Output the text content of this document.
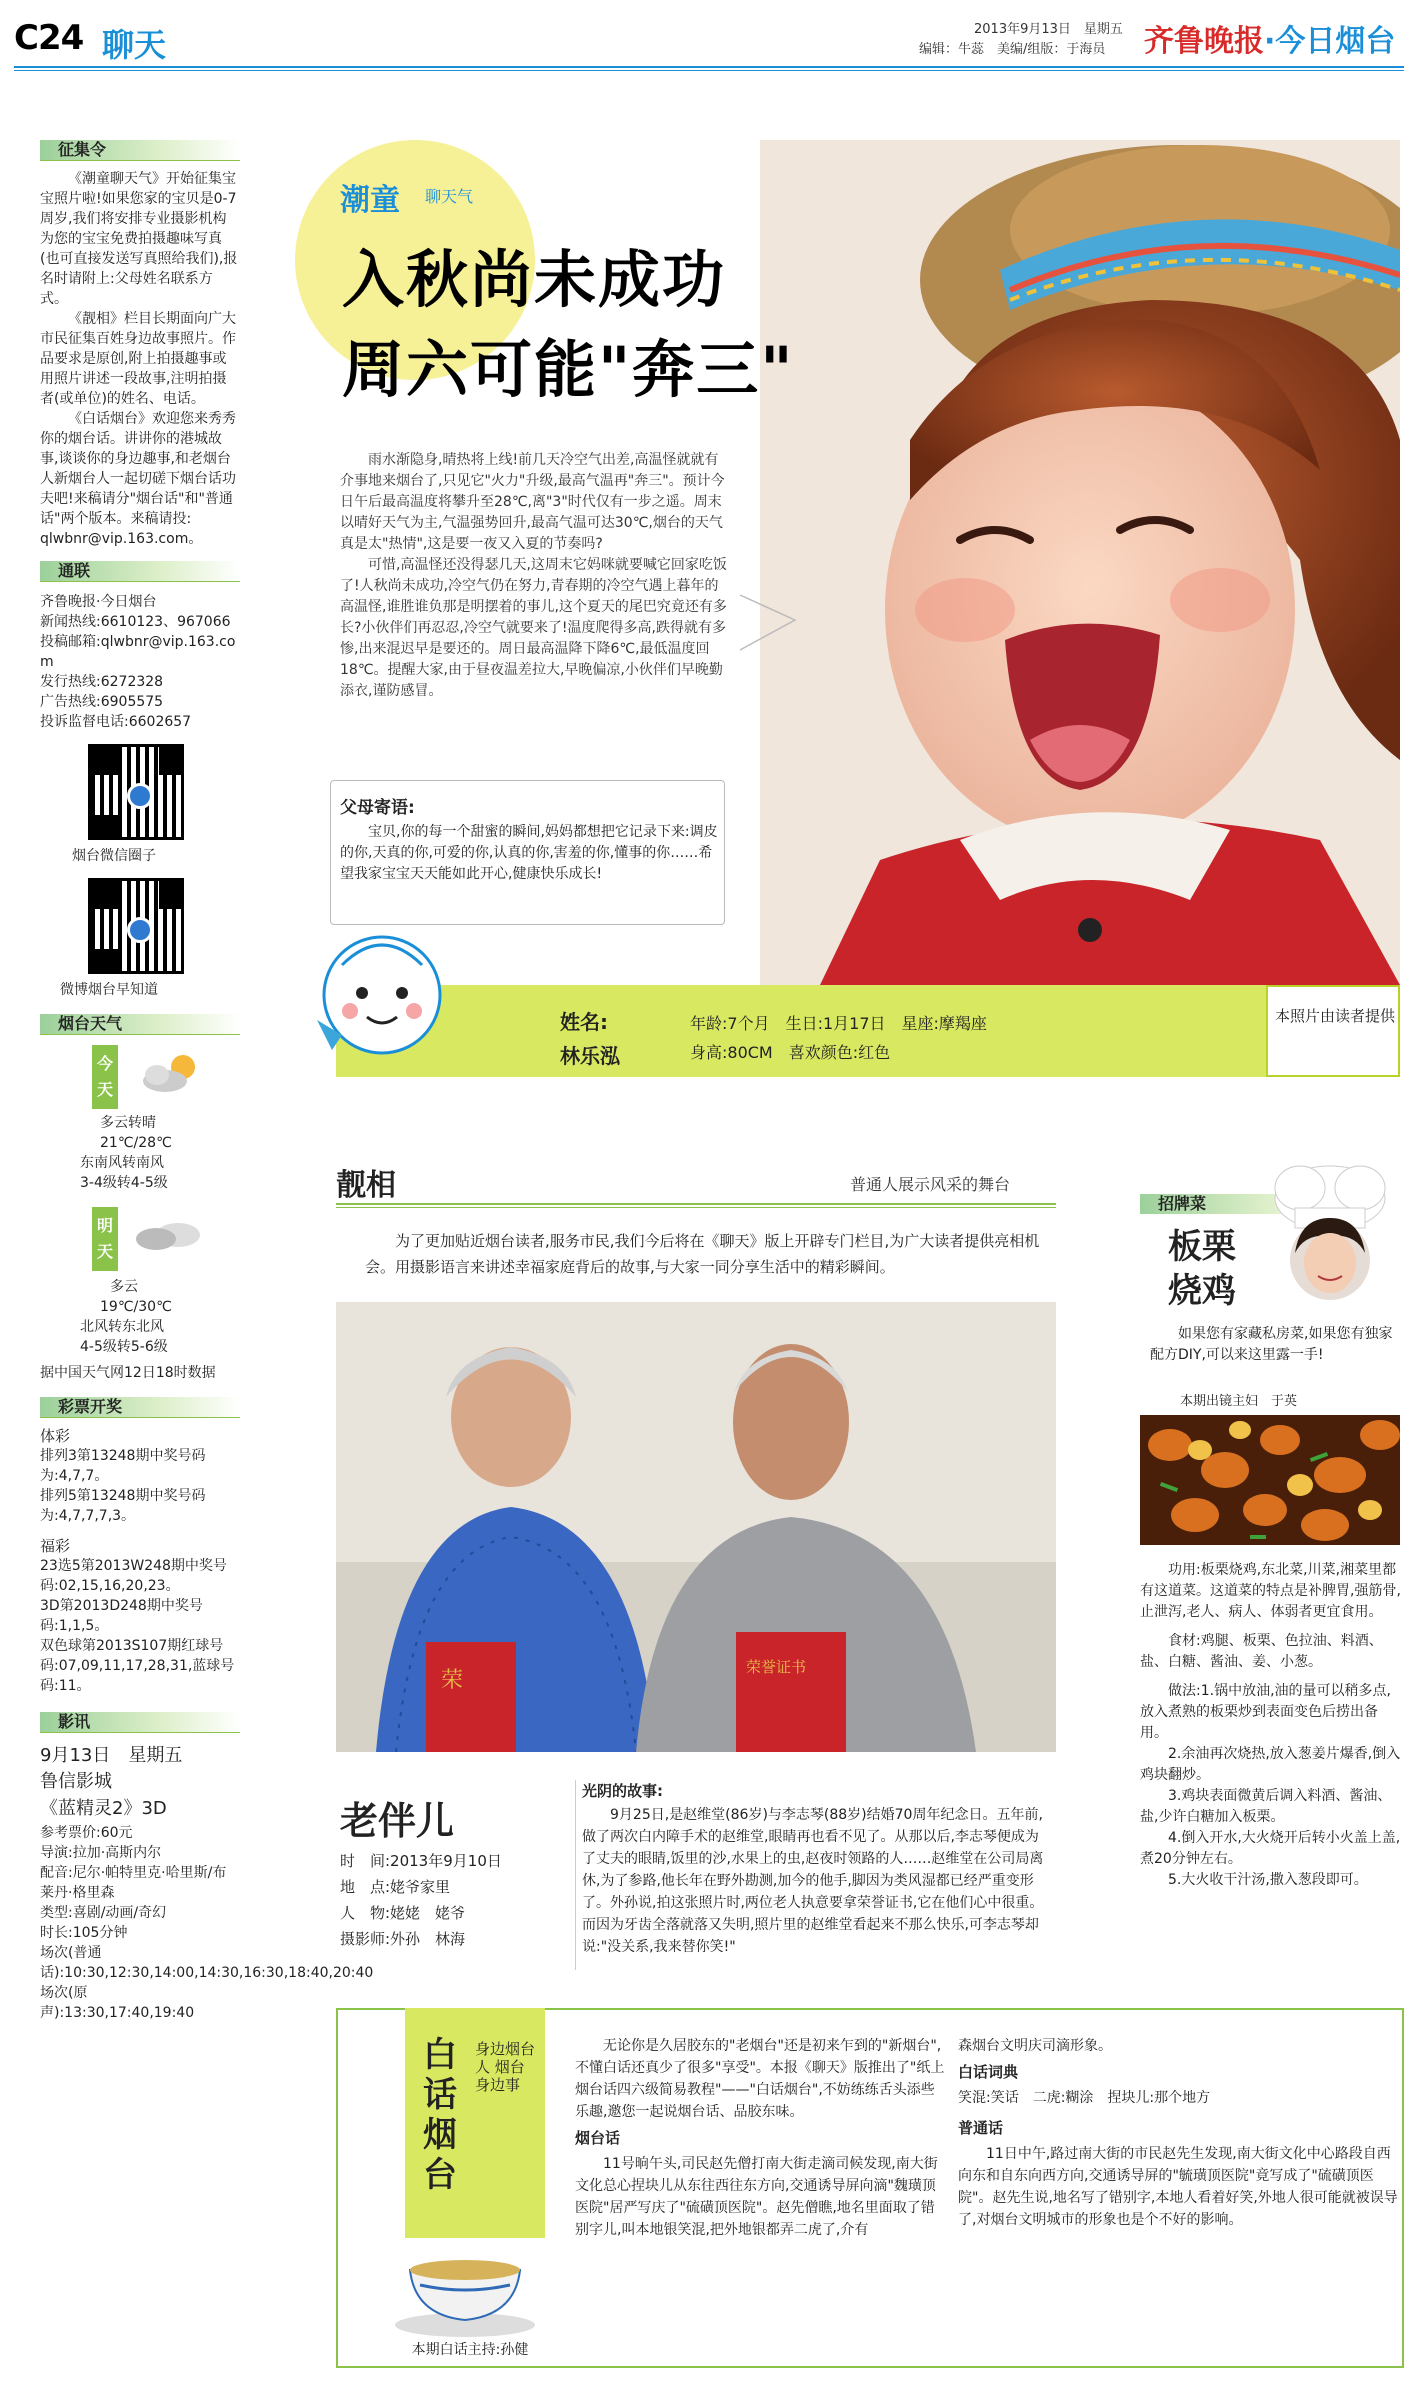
C24 聊天	2013年9月13日　星期五
编辑：牛蕊　美编/组版：于海员	齐鲁晚报·今日烟台
征集令

《潮童聊天气》开始征集宝宝照片啦!如果您家的宝贝是0-7周岁,我们将安排专业摄影机构为您的宝宝免费拍摄趣味写真(也可直接发送写真照给我们),报名时请附上:父母姓名联系方式。

《靓相》栏目长期面向广大市民征集百姓身边故事照片。作品要求是原创,附上拍摄趣事或用照片讲述一段故事,注明拍摄者(或单位)的姓名、电话。

《白话烟台》欢迎您来秀秀你的烟台话。讲讲你的港城故事,谈谈你的身边趣事,和老烟台人新烟台人一起切磋下烟台话功夫吧!来稿请分"烟台话"和"普通话"两个版本。来稿请投:

qlwbnr@vip.163.com。

通联

齐鲁晚报·今日烟台

新闻热线:6610123、967066

投稿邮箱:qlwbnr@vip.163.com

发行热线:6272328

广告热线:6905575

投诉监督电话:6602657

烟台微信圈子

微博烟台早知道

烟台天气
今天

多云转晴

21℃/28℃

东南风转南风

3-4级转4-5级

明天

多云

19℃/30℃

北风转东北风

4-5级转5-6级

据中国天气网12日18时数据

彩票开奖

体彩

排列3第13248期中奖号码为:4,7,7。

排列5第13248期中奖号码为:4,7,7,7,3。

福彩

23选5第2013W248期中奖号码:02,15,16,20,23。

3D第2013D248期中奖号码:1,1,5。

双色球第2013S107期红球号码:07,09,11,17,28,31,蓝球号码:11。

影讯

9月13日　星期五

鲁信影城

《蓝精灵2》3D

参考票价:60元

导演:拉加·高斯内尔

配音:尼尔·帕特里克·哈里斯/布莱丹·格里森

类型:喜剧/动画/奇幻

时长:105分钟

场次(普通话):10:30,12:30,14:00,14:30,16:30,18:40,20:40

场次(原声):13:30,17:40,19:40

潮童 聊天气
入秋尚未成功
周六可能"奔三"

雨水渐隐身,晴热将上线!前几天冷空气出差,高温怪就就有介事地来烟台了,只见它"火力"升级,最高气温再"奔三"。预计今日午后最高温度将攀升至28℃,离"3"时代仅有一步之遥。周末以晴好天气为主,气温强势回升,最高气温可达30℃,烟台的天气真是太"热情",这是要一夜又入夏的节奏吗?

可惜,高温怪还没得瑟几天,这周末它妈咪就要喊它回家吃饭了!人秋尚未成功,冷空气仍在努力,青春期的冷空气遇上暮年的高温怪,谁胜谁负那是明摆着的事儿,这个夏天的尾巴究竟还有多长?小伙伴们再忍忍,冷空气就要来了!温度爬得多高,跌得就有多惨,出来混迟早是要还的。周日最高温降下降6℃,最低温度回18℃。提醒大家,由于昼夜温差拉大,早晚偏凉,小伙伴们早晚勤添衣,谨防感冒。

父母寄语:

宝贝,你的每一个甜蜜的瞬间,妈妈都想把它记录下来:调皮的你,天真的你,可爱的你,认真的你,害羞的你,懂事的你……希望我家宝宝天天能如此开心,健康快乐成长!

姓名:
林乐泓
年龄:7个月　生日:1月17日　星座:摩羯座
身高:80CM　喜欢颜色:红色
本照片由读者提供
靓相	普通人展示风采的舞台

为了更加贴近烟台读者,服务市民,我们今后将在《聊天》版上开辟专门栏目,为广大读者提供亮相机会。用摄影语言来讲述幸福家庭背后的故事,与大家一同分享生活中的精彩瞬间。

荣
荣誉证书
老伴儿

时　间:2013年9月10日

地　点:姥爷家里

人　物:姥姥　姥爷

摄影师:外孙　林海

光阴的故事:

9月25日,是赵维堂(86岁)与李志琴(88岁)结婚70周年纪念日。五年前,做了两次白内障手术的赵维堂,眼睛再也看不见了。从那以后,李志琴便成为了丈夫的眼睛,饭里的沙,水果上的虫,赵夜时领路的人……赵维堂在公司局离休,为了参路,他长年在野外勘测,加今的他手,脚因为类风湿都已经严重变形了。外孙说,拍这张照片时,两位老人执意要拿荣誉证书,它在他们心中很重。而因为牙齿全落就落又失明,照片里的赵维堂看起来不那么快乐,可李志琴却说:"没关系,我来替你笑!"

招牌菜
板栗烧鸡

如果您有家藏私房菜,如果您有独家配方DIY,可以来这里露一手!

本期出镜主妇　于英

功用:板栗烧鸡,东北菜,川菜,湘菜里都有这道菜。这道菜的特点是补脾胃,强筋骨,止泄泻,老人、病人、体弱者更宜食用。

食材:鸡腿、板栗、色拉油、料酒、盐、白糖、酱油、姜、小葱。

做法:1.锅中放油,油的量可以稍多点,放入煮熟的板栗炒到表面变色后捞出备用。

2.余油再次烧热,放入葱姜片爆香,倒入鸡块翻炒。

3.鸡块表面微黄后调入料酒、酱油、盐,少许白糖加入板栗。

4.倒入开水,大火烧开后转小火盖上盖,煮20分钟左右。

5.大火收干汁汤,撒入葱段即可。

白话烟台
身边烟台人 烟台身边事
本期白话主持:孙健

无论你是久居胶东的"老烟台"还是初来乍到的"新烟台",不懂白话还真少了很多"享受"。本报《聊天》版推出了"纸上烟台话四六级简易教程"——"白话烟台",不妨练练舌头添些乐趣,邀您一起说烟台话、品胶东味。

烟台话

11号晌午头,司民赵先僧打南大街走滴司候发现,南大街文化总心捏块儿从东往西往东方向,交通诱导屏向滴"魏璜顶医院"居严写庆了"硫磺顶医院"。赵先僧瞧,地名里面取了错别字儿,叫本地银笑混,把外地银都弄二虎了,介有

森烟台文明庆司滴形象。

白话词典

笑混:笑话　二虎:糊涂　捏块儿:那个地方

普通话

11日中午,路过南大街的市民赵先生发现,南大街文化中心路段自西向东和自东向西方向,交通诱导屏的"毓璜顶医院"竟写成了"硫磺顶医院"。赵先生说,地名写了错别字,本地人看着好笑,外地人很可能就被误导了,对烟台文明城市的形象也是个不好的影响。
